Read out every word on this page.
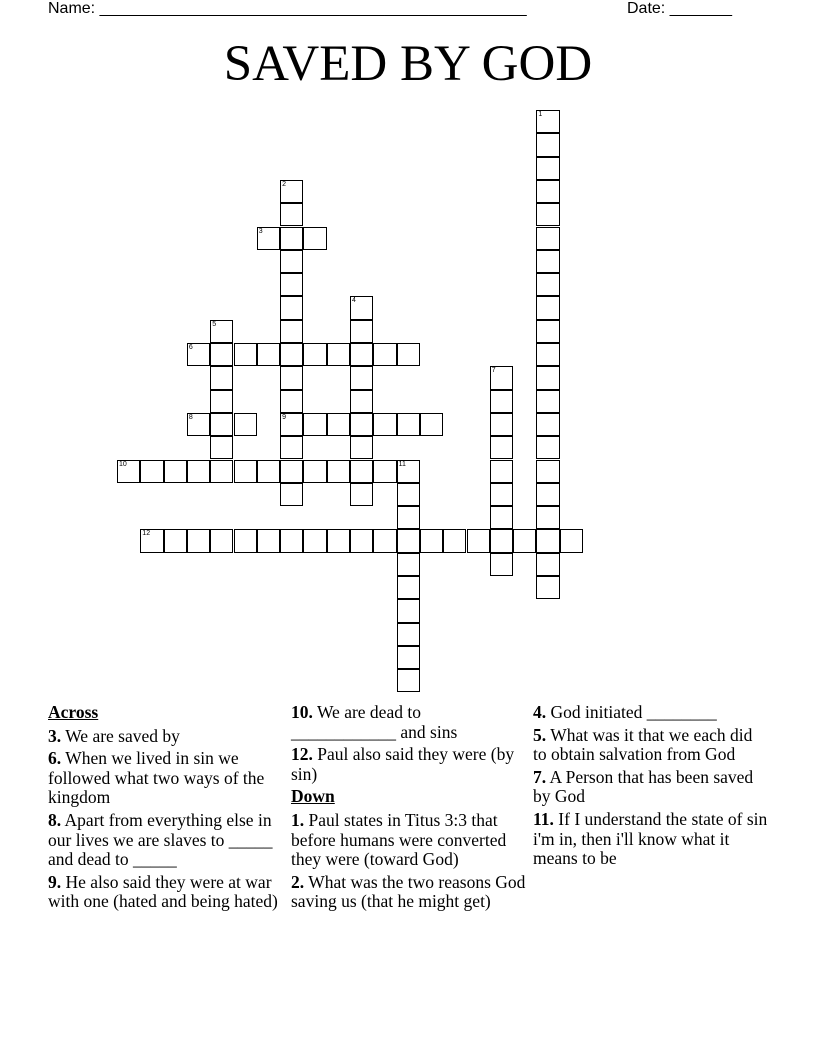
Name: ________________________________________________	Date: _______
SAVED BY GOD
1
2
9
3
4
5
6
7
8
10	11
12
Across
3. We are saved by
6. When we lived in sin we followed what two ways of the kingdom
8. Apart from everything else in our lives we are slaves to _____ and dead to _____
9. He also said they were at war with one (hated and being hated)
10. We are dead to ____________ and sins
12. Paul also said they were (by sin)
Down
1. Paul states in Titus 3:3 that before humans were converted they were (toward God)
2. What was the two reasons God saving us (that he might get)
4. God initiated ________
5. What was it that we each did to obtain salvation from God
7. A Person that has been saved by God
11. If I understand the state of sin i'm in, then i'll know what it means to be
